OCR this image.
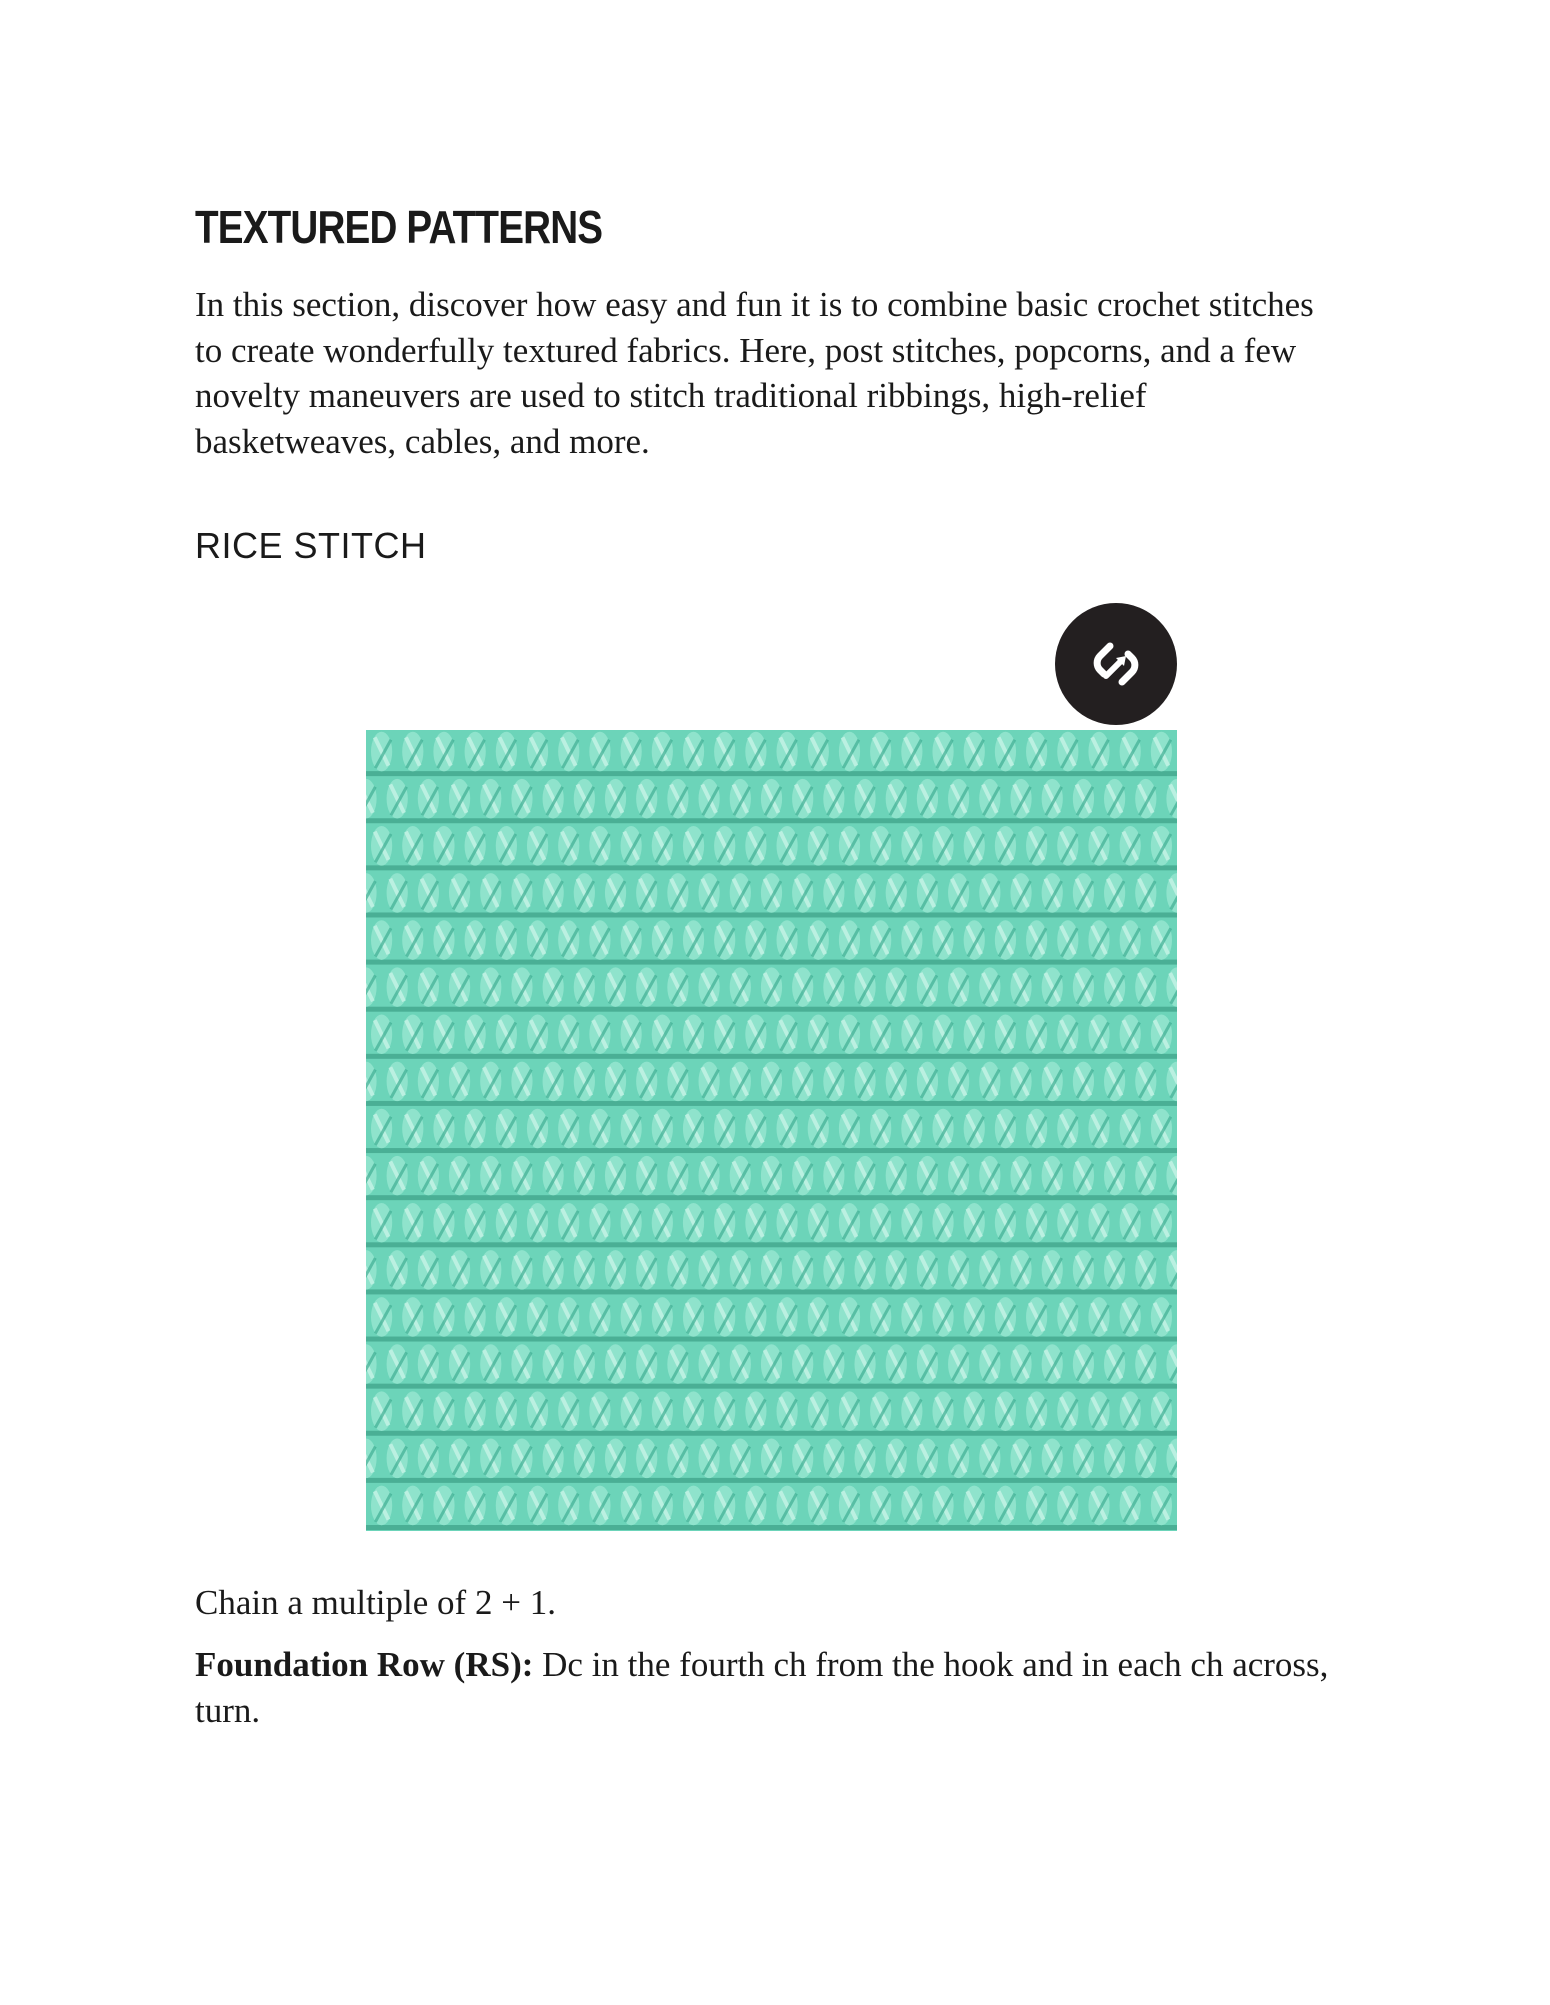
TEXTURED PATTERNS

In this section, discover how easy and fun it is to combine basic crochet stitches to create wonderfully textured fabrics. Here, post stitches, popcorns, and a few novelty maneuvers are used to stitch traditional ribbings, high-relief basketweaves, cables, and more.

RICE STITCH

Chain a multiple of 2 + 1.

Foundation Row (RS): Dc in the fourth ch from the hook and in each ch across, turn.
